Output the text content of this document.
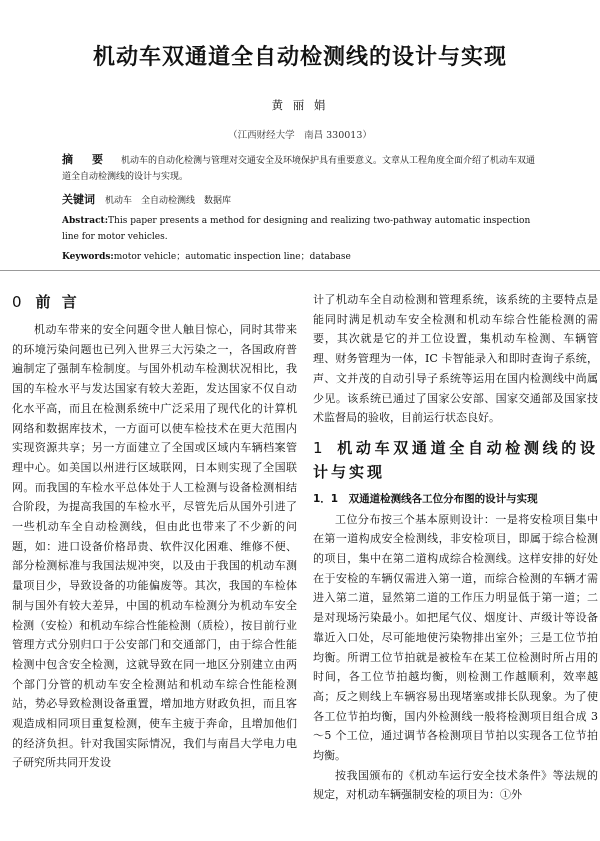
机动车双通道全自动检测线的设计与实现
黄 丽 娟
（江西财经大学　南昌 330013）
摘　要 机动车的自动化检测与管理对交通安全及环境保护具有重要意义。文章从工程角度全面介绍了机动车双通道全自动检测线的设计与实现。
关键词 机动车　全自动检测线　数据库
Abstract:This paper presents a method for designing and realizing two-pathway automatic inspection line for motor vehicles.
Keywords:motor vehicle；automatic inspection line；database

0 前 言

机动车带来的安全问题令世人触目惊心，同时其带来的环境污染问题也已列入世界三大污染之一，各国政府普遍制定了强制车检制度。与国外机动车检测状况相比，我国的车检水平与发达国家有较大差距，发达国家不仅自动化水平高，而且在检测系统中广泛采用了现代化的计算机网络和数据库技术，一方面可以使车检技术在更大范围内实现资源共享；另一方面建立了全国或区域内车辆档案管理中心。如美国以州进行区域联网，日本则实现了全国联网。而我国的车检水平总体处于人工检测与设备检测相结合阶段，为提高我国的车检水平，尽管先后从国外引进了一些机动车全自动检测线，但由此也带来了不少新的问题，如：进口设备价格昂贵、软件汉化困难、维修不便、部分检测标准与我国法规冲突，以及由于我国的机动车测量项目少，导致设备的功能偏废等。其次，我国的车检体制与国外有较大差异，中国的机动车检测分为机动车安全检测（安检）和机动车综合性能检测（质检），按目前行业管理方式分别归口于公安部门和交通部门，由于综合性能检测中包含安全检测，这就导致在同一地区分别建立由两个部门分管的机动车安全检测站和机动车综合性能检测站，势必导致检测设备重置，增加地方财政负担，而且客观造成相同项目重复检测，使车主疲于奔命，且增加他们的经济负担。针对我国实际情况，我们与南昌大学电力电子研究所共同开发设

计了机动车全自动检测和管理系统，该系统的主要特点是能同时满足机动车安全检测和机动车综合性能检测的需要，其次就是它的并工位设置，集机动车检测、车辆管理、财务管理为一体，IC 卡智能录入和即时查询子系统，声、文并茂的自动引导子系统等运用在国内检测线中尚属少见。该系统已通过了国家公安部、国家交通部及国家技术监督局的验收，目前运行状态良好。

1 机动车双通道全自动检测线的设计与实现

1．1　 双通道检测线各工位分布图的设计与实现

工位分布按三个基本原则设计：一是将安检项目集中在第一道构成安全检测线，非安检项目，即属于综合检测的项目，集中在第二道构成综合检测线。这样安排的好处在于安检的车辆仅需进入第一道，而综合检测的车辆才需进入第二道，显然第二道的工作压力明显低于第一道；二是对现场污染最小。如把尾气仪、烟度计、声级计等设备靠近入口处，尽可能地使污染物排出室外；三是工位节拍均衡。所谓工位节拍就是被检车在某工位检测时所占用的时间，各工位节拍越均衡，则检测工作越顺利，效率越高；反之则线上车辆容易出现堵塞或排长队现象。为了使各工位节拍均衡，国内外检测线一般将检测项目组合成 3～5 个工位，通过调节各检测项目节拍以实现各工位节拍均衡。

按我国颁布的《机动车运行安全技术条件》等法规的规定，对机动车辆强制安检的项目为：①外
